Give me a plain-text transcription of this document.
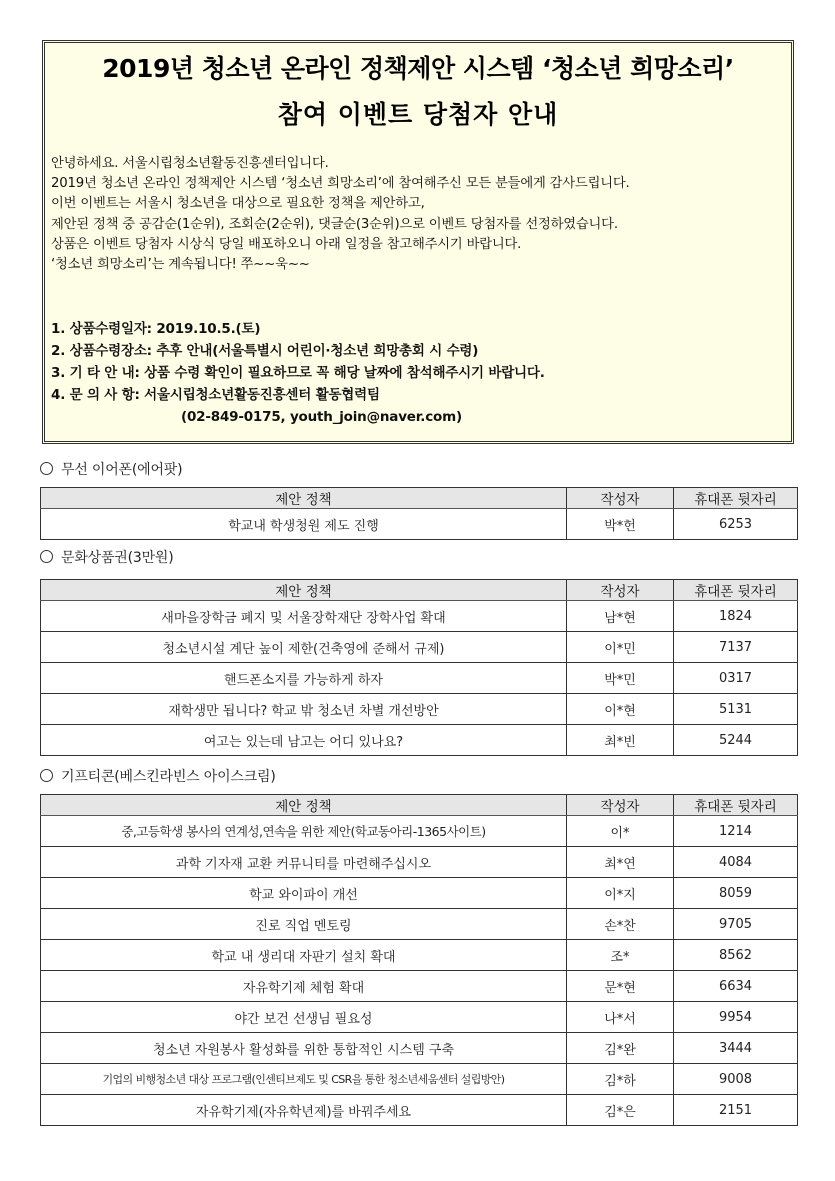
2019년 청소년 온라인 정책제안 시스템 ‘청소년 희망소리’
참여 이벤트 당첨자 안내
안녕하세요. 서울시립청소년활동진흥센터입니다.
2019년 청소년 온라인 정책제안 시스템 ‘청소년 희망소리’에 참여해주신 모든 분들에게 감사드립니다.
이번 이벤트는 서울시 청소년을 대상으로 필요한 정책을 제안하고,
제안된 정책 중 공감순(1순위), 조회순(2순위), 댓글순(3순위)으로 이벤트 당첨자를 선정하였습니다.
상품은 이벤트 당첨자 시상식 당일 배포하오니 아래 일정을 참고해주시기 바랍니다.
‘청소년 희망소리’는 계속됩니다! 쭈~~욱~~
1. 상품수령일자: 2019.10.5.(토)
2. 상품수령장소: 추후 안내(서울특별시 어린이·청소년 희망총회 시 수령)
3. 기 타 안 내: 상품 수령 확인이 필요하므로 꼭 해당 날짜에 참석해주시기 바랍니다.
4. 문 의 사 항: 서울시립청소년활동진흥센터 활동협력팀
(02-849-0175, youth_join@naver.com)
무선 이어폰(에어팟)
제안 정책	작성자	휴대폰 뒷자리
학교내 학생청원 제도 진행	박*헌	6253
문화상품권(3만원)
제안 정책	작성자	휴대폰 뒷자리
새마을장학금 폐지 및 서울장학재단 장학사업 확대	남*현	1824
청소년시설 계단 높이 제한(건축영에 준해서 규제)	이*민	7137
핸드폰소지를 가능하게 하자	박*민	0317
재학생만 됩니다? 학교 밖 청소년 차별 개선방안	이*현	5131
여고는 있는데 남고는 어디 있나요?	최*빈	5244
기프티콘(베스킨라빈스 아이스크림)
제안 정책	작성자	휴대폰 뒷자리
중,고등학생 봉사의 연계성,연속을 위한 제안(학교동아리-1365사이트)	이*	1214
과학 기자재 교환 커뮤니티를 마련해주십시오	최*연	4084
학교 와이파이 개선	이*지	8059
진로 직업 멘토링	손*찬	9705
학교 내 생리대 자판기 설치 확대	조*	8562
자유학기제 체험 확대	문*현	6634
야간 보건 선생님 필요성	나*서	9954
청소년 자원봉사 활성화를 위한 통합적인 시스템 구축	김*완	3444
기업의 비행청소년 대상 프로그램(인센티브제도 및 CSR을 통한 청소년세움센터 설립방안)	김*하	9008
자유학기제(자유학년제)를 바꿔주세요	김*은	2151
